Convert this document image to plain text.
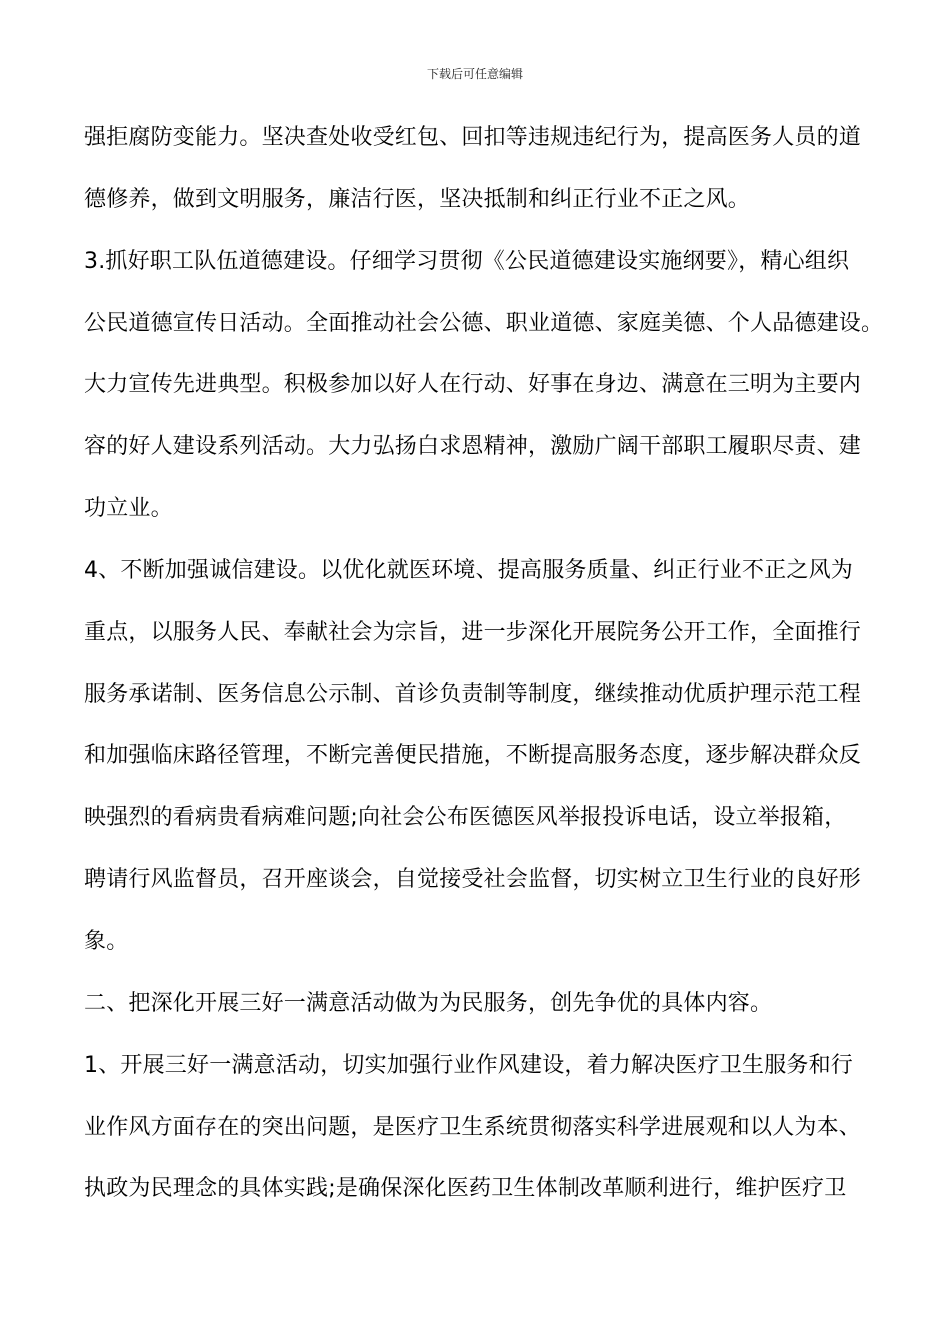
下载后可任意编辑
强拒腐防变能力。坚决查处收受红包、回扣等违规违纪行为，提高医务人员的道
德修养，做到文明服务，廉洁行医，坚决抵制和纠正行业不正之风。
3.抓好职工队伍道德建设。仔细学习贯彻《公民道德建设实施纲要》，精心组织
公民道德宣传日活动。全面推动社会公德、职业道德、家庭美德、个人品德建设。
大力宣传先进典型。积极参加以好人在行动、好事在身边、满意在三明为主要内
容的好人建设系列活动。大力弘扬白求恩精神，激励广阔干部职工履职尽责、建
功立业。
4、不断加强诚信建设。以优化就医环境、提高服务质量、纠正行业不正之风为
重点，以服务人民、奉献社会为宗旨，进一步深化开展院务公开工作，全面推行
服务承诺制、医务信息公示制、首诊负责制等制度，继续推动优质护理示范工程
和加强临床路径管理，不断完善便民措施，不断提高服务态度，逐步解决群众反
映强烈的看病贵看病难问题;向社会公布医德医风举报投诉电话，设立举报箱，
聘请行风监督员，召开座谈会，自觉接受社会监督，切实树立卫生行业的良好形
象。
二、把深化开展三好一满意活动做为为民服务，创先争优的具体内容。
1、开展三好一满意活动，切实加强行业作风建设，着力解决医疗卫生服务和行
业作风方面存在的突出问题，是医疗卫生系统贯彻落实科学进展观和以人为本、
执政为民理念的具体实践;是确保深化医药卫生体制改革顺利进行，维护医疗卫
